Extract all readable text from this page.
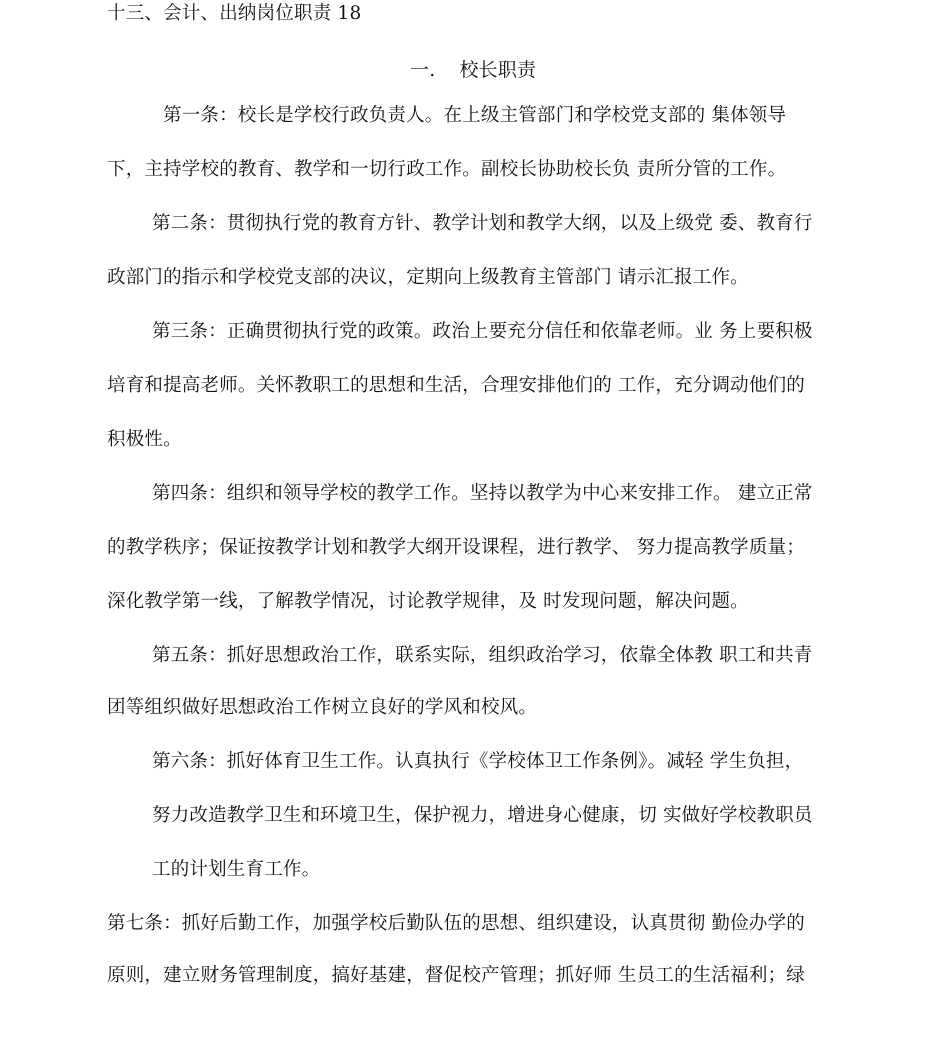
十三、会计、出纳岗位职责 18
一. 校长职责
第一条：校长是学校行政负责人。在上级主管部门和学校党支部的 集体领导
下，主持学校的教育、教学和一切行政工作。副校长协助校长负 责所分管的工作。
第二条：贯彻执行党的教育方针、教学计划和教学大纲，以及上级党 委、教育行
政部门的指示和学校党支部的决议，定期向上级教育主管部门 请示汇报工作。
第三条：正确贯彻执行党的政策。政治上要充分信任和依靠老师。业 务上要积极
培育和提高老师。关怀教职工的思想和生活，合理安排他们的 工作，充分调动他们的
积极性。
第四条：组织和领导学校的教学工作。坚持以教学为中心来安排工作。 建立正常
的教学秩序；保证按教学计划和教学大纲开设课程，进行教学、 努力提高教学质量；
深化教学第一线，了解教学情况，讨论教学规律，及 时发现问题，解决问题。
第五条：抓好思想政治工作，联系实际，组织政治学习，依靠全体教 职工和共青
团等组织做好思想政治工作树立良好的学风和校风。
第六条：抓好体育卫生工作。认真执行《学校体卫工作条例》。减轻 学生负担，
努力改造教学卫生和环境卫生，保护视力，增进身心健康，切 实做好学校教职员
工的计划生育工作。
第七条：抓好后勤工作，加强学校后勤队伍的思想、组织建设，认真贯彻 勤俭办学的
原则，建立财务管理制度，搞好基建，督促校产管理；抓好师 生员工的生活福利；绿
